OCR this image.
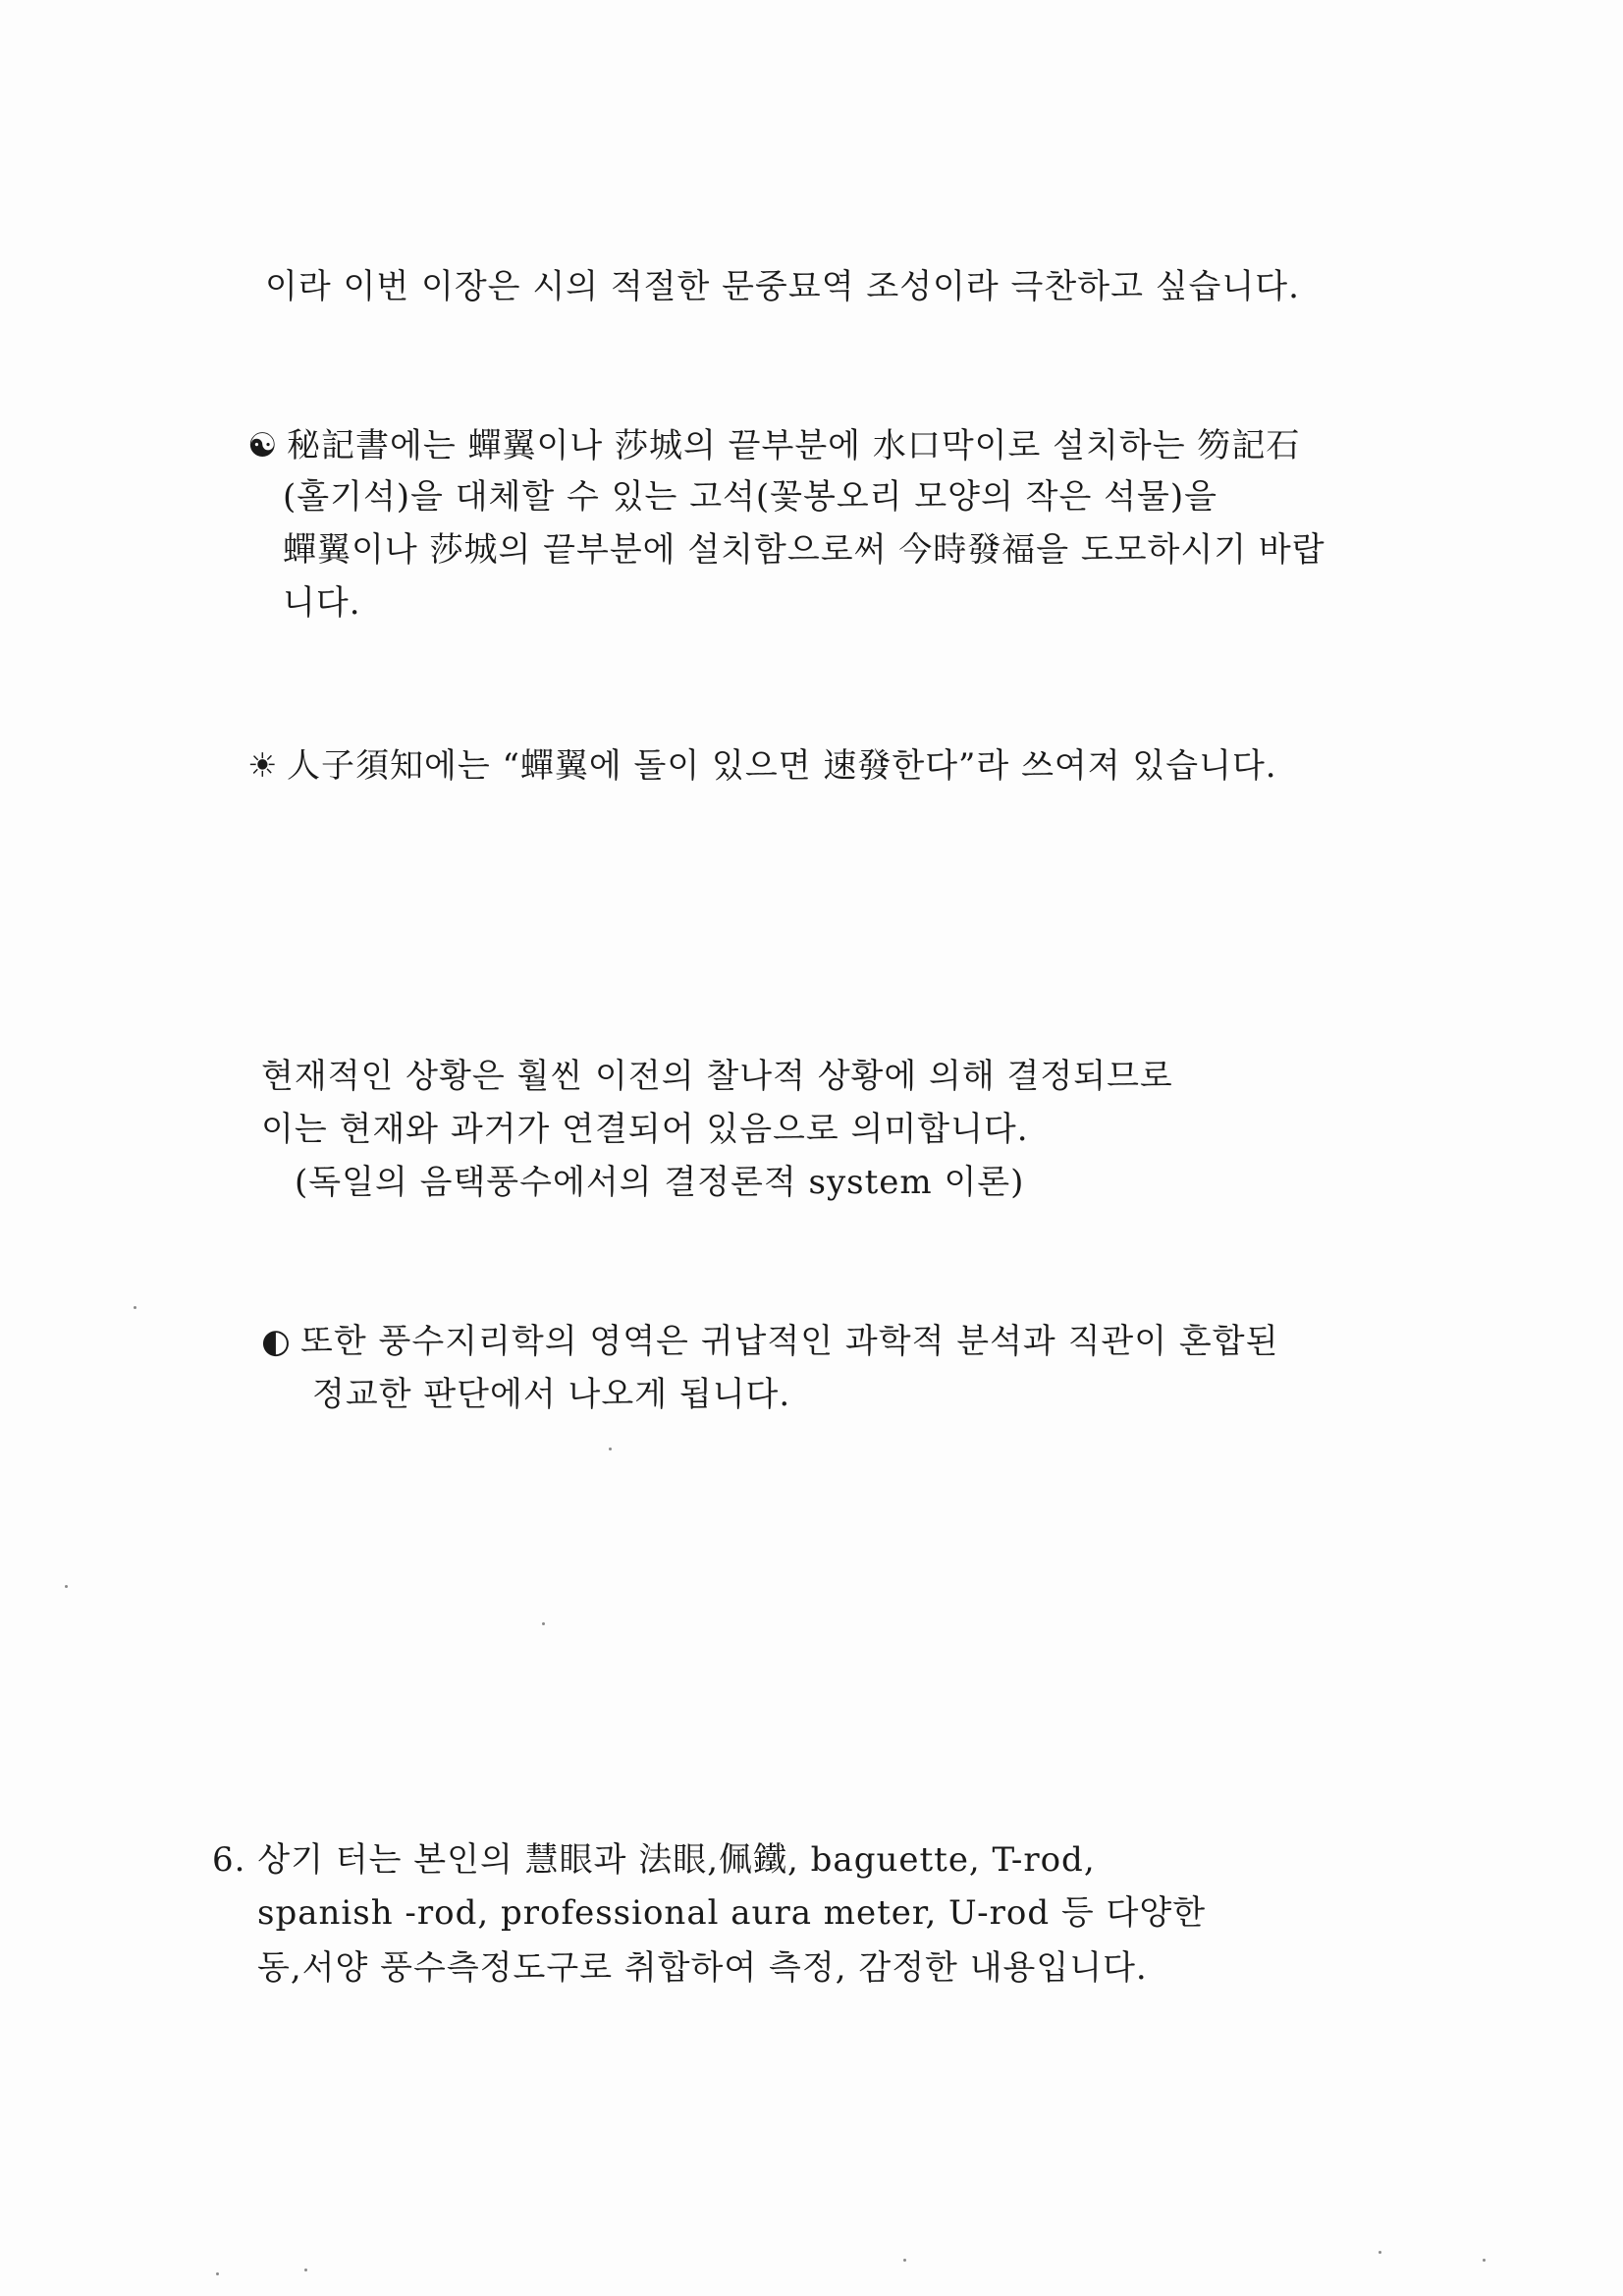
이라 이번 이장은 시의 적절한 문중묘역 조성이라 극찬하고 싶습니다.
☯ 秘記書에는 蟬翼이나 莎城의 끝부분에 水口막이로 설치하는 笏記石
(홀기석)을 대체할 수 있는 고석(꽃봉오리 모양의 작은 석물)을
蟬翼이나 莎城의 끝부분에 설치함으로써 今時發福을 도모하시기 바랍
니다.
☀ 人子須知에는 “蟬翼에 돌이 있으면 速發한다”라 쓰여져 있습니다.
현재적인 상황은 훨씬 이전의 찰나적 상황에 의해 결정되므로
이는 현재와 과거가 연결되어 있음으로 의미합니다.
(독일의 음택풍수에서의 결정론적 system 이론)
◐ 또한 풍수지리학의 영역은 귀납적인 과학적 분석과 직관이 혼합된
정교한 판단에서 나오게 됩니다.
6. 상기 터는 본인의 慧眼과 法眼,佩鐵, baguette, T-rod,
spanish -rod, professional aura meter, U-rod 등 다양한
동,서양 풍수측정도구로 취합하여 측정, 감정한 내용입니다.
